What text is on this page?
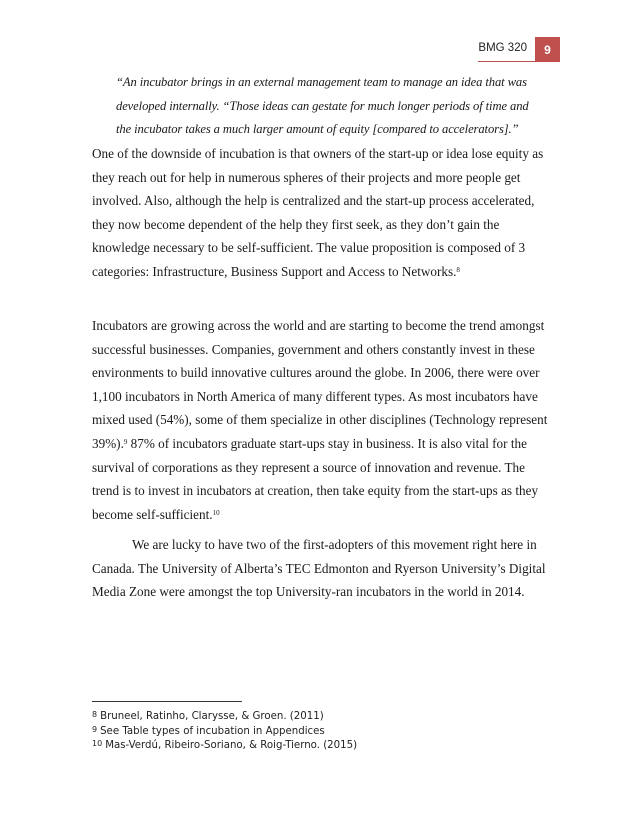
BMG 320	9

“An incubator brings in an external management team to manage an idea that was developed internally. “Those ideas can gestate for much longer periods of time and the incubator takes a much larger amount of equity [compared to accelerators].”

One of the downside of incubation is that owners of the start-up or idea lose equity as they reach out for help in numerous spheres of their projects and more people get involved. Also, although the help is centralized and the start-up process accelerated, they now become dependent of the help they first seek, as they don’t gain the knowledge necessary to be self-sufficient. The value proposition is composed of 3 categories: Infrastructure, Business Support and Access to Networks.$^8$

Incubators are growing across the world and are starting to become the trend amongst successful businesses. Companies, government and others constantly invest in these environments to build innovative cultures around the globe. In 2006, there were over 1,100 incubators in North America of many different types. As most incubators have mixed used (54%), some of them specialize in other disciplines (Technology represent 39%).$^9$ 87% of incubators graduate start-ups stay in business. It is also vital for the survival of corporations as they represent a source of innovation and revenue. The trend is to invest in incubators at creation, then take equity from the start-ups as they become self-sufficient.$^{10}$

We are lucky to have two of the first-adopters of this movement right here in Canada. The University of Alberta’s TEC Edmonton and Ryerson University’s Digital Media Zone were amongst the top University-ran incubators in the world in 2014.

8 Bruneel, Ratinho, Clarysse, & Groen. (2011)
9 See Table types of incubation in Appendices
10 Mas-Verdú, Ribeiro-Soriano, & Roig-Tierno. (2015)
